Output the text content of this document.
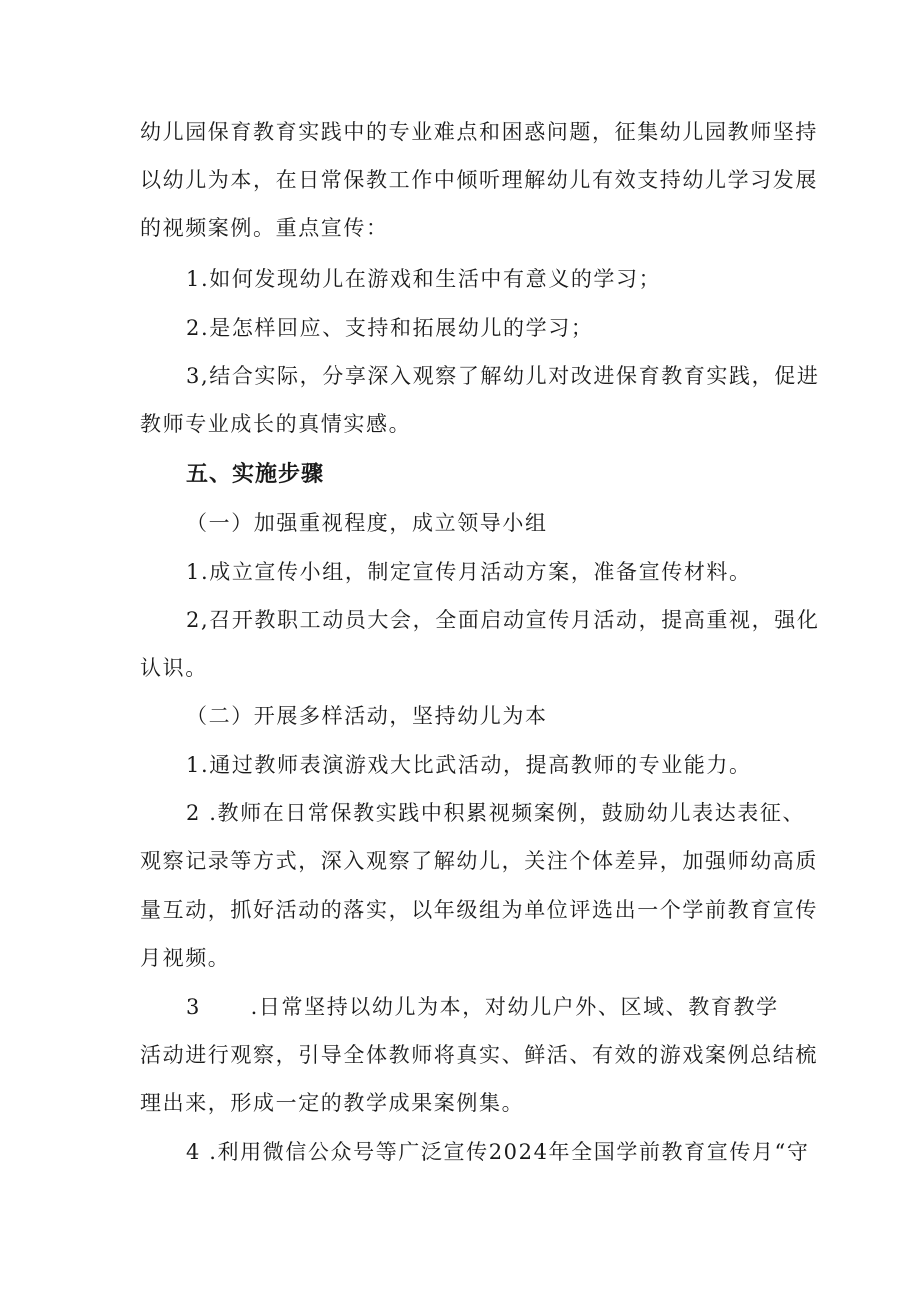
幼儿园保育教育实践中的专业难点和困惑问题，征集幼儿园教师坚持
以幼儿为本，在日常保教工作中倾听理解幼儿有效支持幼儿学习发展
的视频案例。重点宣传：
1.如何发现幼儿在游戏和生活中有意义的学习；
2.是怎样回应、支持和拓展幼儿的学习；
3,结合实际，分享深入观察了解幼儿对改进保育教育实践，促进
教师专业成长的真情实感。
五、实施步骤
（一）加强重视程度，成立领导小组
1.成立宣传小组，制定宣传月活动方案，准备宣传材料。
2,召开教职工动员大会，全面启动宣传月活动，提高重视，强化
认识。
（二）开展多样活动，坚持幼儿为本
1.通过教师表演游戏大比武活动，提高教师的专业能力。
2 .教师在日常保教实践中积累视频案例，鼓励幼儿表达表征、
观察记录等方式，深入观察了解幼儿，关注个体差异，加强师幼高质
量互动，抓好活动的落实，以年级组为单位评选出一个学前教育宣传
月视频。
3      .日常坚持以幼儿为本，对幼儿户外、区域、教育教学
活动进行观察，引导全体教师将真实、鲜活、有效的游戏案例总结梳
理出来，形成一定的教学成果案例集。
4 .利用微信公众号等广泛宣传2024年全国学前教育宣传月“守
